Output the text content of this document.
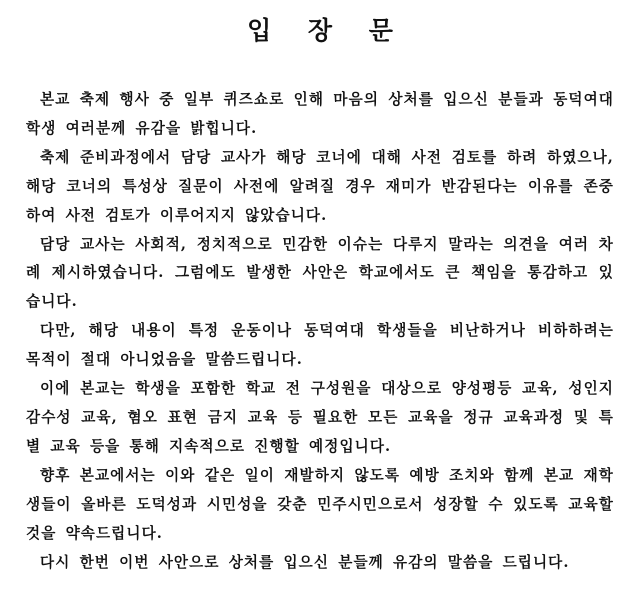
입 장 문

본교 축제 행사 중 일부 퀴즈쇼로 인해 마음의 상처를 입으신 분들과 동덕여대 학생 여러분께 유감을 밝힙니다.

축제 준비과정에서 담당 교사가 해당 코너에 대해 사전 검토를 하려 하였으나, 해당 코너의 특성상 질문이 사전에 알려질 경우 재미가 반감된다는 이유를 존중하여 사전 검토가 이루어지지 않았습니다.

담당 교사는 사회적, 정치적으로 민감한 이슈는 다루지 말라는 의견을 여러 차례 제시하였습니다. 그럼에도 발생한 사안은 학교에서도 큰 책임을 통감하고 있습니다.

다만, 해당 내용이 특정 운동이나 동덕여대 학생들을 비난하거나 비하하려는 목적이 절대 아니었음을 말씀드립니다.

이에 본교는 학생을 포함한 학교 전 구성원을 대상으로 양성평등 교육, 성인지 감수성 교육, 혐오 표현 금지 교육 등 필요한 모든 교육을 정규 교육과정 및 특별 교육 등을 통해 지속적으로 진행할 예정입니다.

향후 본교에서는 이와 같은 일이 재발하지 않도록 예방 조치와 함께 본교 재학생들이 올바른 도덕성과 시민성을 갖춘 민주시민으로서 성장할 수 있도록 교육할 것을 약속드립니다.

다시 한번 이번 사안으로 상처를 입으신 분들께 유감의 말씀을 드립니다.
